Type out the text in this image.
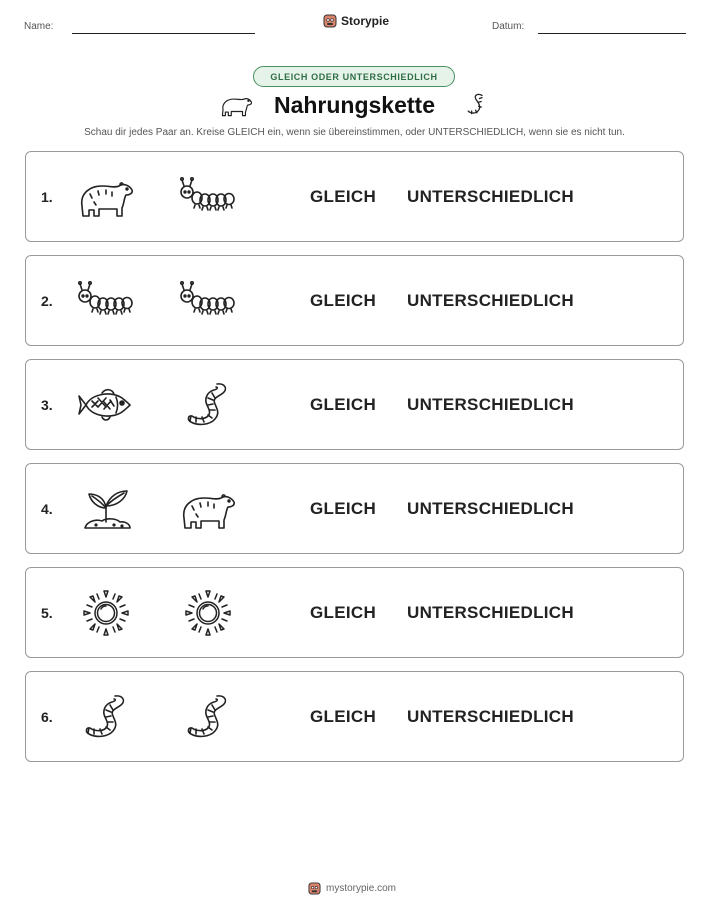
Name:	Storypie	Datum:
GLEICH ODER UNTERSCHIEDLICH
Nahrungskette
Schau dir jedes Paar an. Kreise GLEICH ein, wenn sie übereinstimmen, oder UNTERSCHIEDLICH, wenn sie es nicht tun.
1.	GLEICH UNTERSCHIEDLICH
2.	GLEICH UNTERSCHIEDLICH
3.	GLEICH UNTERSCHIEDLICH
4.	GLEICH UNTERSCHIEDLICH
5.	GLEICH UNTERSCHIEDLICH
6.	GLEICH UNTERSCHIEDLICH
mystorypie.com
